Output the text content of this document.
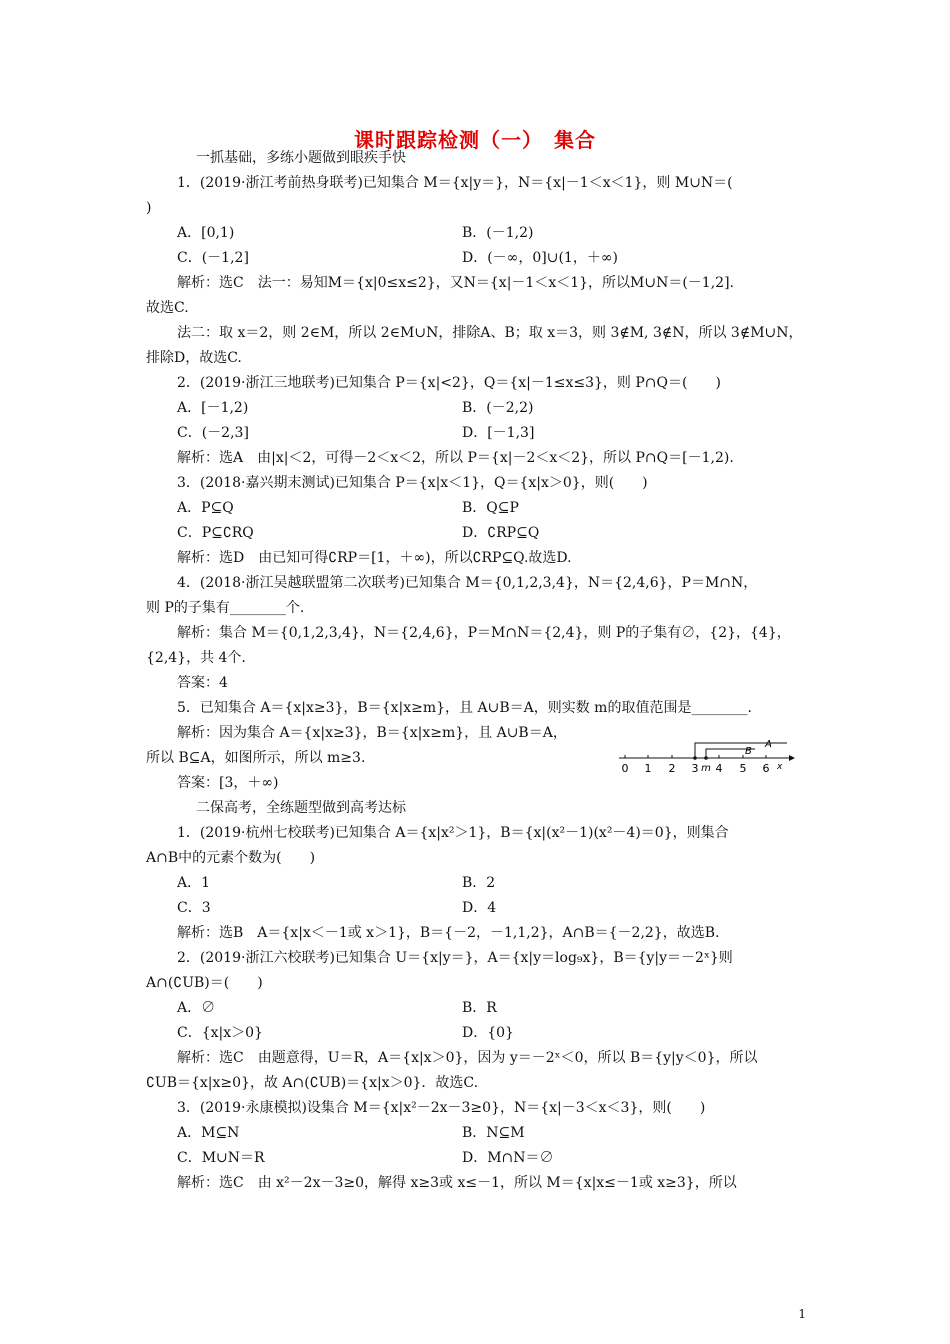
课时跟踪检测（一）　集合
一抓基础，多练小题做到眼疾手快
1．(2019·浙江考前热身联考)已知集合 M＝{x|y＝}，N＝{x|－1＜x＜1}，则 M∪N＝(
)
A．[0,1)	B．(－1,2)
C．(－1,2]	D．(－∞，0]∪(1，＋∞)
解析：选C　法一：易知M＝{x|0≤x≤2}，又N＝{x|－1＜x＜1}，所以M∪N＝(－1,2].
故选C.
法二：取 x＝2，则 2∈M，所以 2∈M∪N，排除A、B；取 x＝3，则 3∉M, 3∉N，所以 3∉M∪N，
排除D，故选C.
2．(2019·浙江三地联考)已知集合 P＝{x|<2}，Q＝{x|－1≤x≤3}，则 P∩Q＝(　　)
A．[－1,2)	B．(－2,2)
C．(－2,3]	D．[－1,3]
解析：选A　由|x|＜2，可得－2＜x＜2，所以 P＝{x|－2＜x＜2}，所以 P∩Q＝[－1,2).
3．(2018·嘉兴期末测试)已知集合 P＝{x|x＜1}，Q＝{x|x＞0}，则(　　)
A．P⊆Q	B．Q⊆P
C．P⊆∁RQ	D．∁RP⊆Q
解析：选D　由已知可得∁RP＝[1，＋∞)，所以∁RP⊆Q.故选D.
4．(2018·浙江吴越联盟第二次联考)已知集合 M＝{0,1,2,3,4}，N＝{2,4,6}，P＝M∩N，
则 P的子集有________个.
解析：集合 M＝{0,1,2,3,4}，N＝{2,4,6}，P＝M∩N＝{2,4}，则 P的子集有∅，{2}，{4}，
{2,4}，共 4个.
答案：4
5．已知集合 A＝{x|x≥3}，B＝{x|x≥m}，且 A∪B＝A，则实数 m的取值范围是________.
解析：因为集合 A＝{x|x≥3}，B＝{x|x≥m}，且 A∪B＝A，
所以 B⊆A，如图所示，所以 m≥3.
答案：[3，＋∞)
A
B
0 1 2 3 m 4 5 6 x
二保高考，全练题型做到高考达标
1．(2019·杭州七校联考)已知集合 A＝{x|x²＞1}，B＝{x|(x²－1)(x²－4)＝0}，则集合
A∩B中的元素个数为(　　)
A．1	B．2
C．3	D．4
解析：选B　A＝{x|x＜－1或 x＞1}，B＝{－2，－1,1,2}，A∩B＝{－2,2}，故选B.
2．(2019·浙江六校联考)已知集合 U＝{x|y＝}，A＝{x|y＝log₉x}，B＝{y|y＝－2ˣ}则
A∩(∁UB)＝(　　)
A．∅	B．R
C．{x|x＞0}	D．{0}
解析：选C　由题意得，U＝R，A＝{x|x＞0}，因为 y＝－2ˣ＜0，所以 B＝{y|y＜0}，所以
∁UB＝{x|x≥0}，故 A∩(∁UB)＝{x|x＞0}．故选C.
3．(2019·永康模拟)设集合 M＝{x|x²－2x－3≥0}，N＝{x|－3＜x＜3}，则(　　)
A．M⊆N	B．N⊆M
C．M∪N＝R	D．M∩N＝∅
解析：选C　由 x²－2x－3≥0，解得 x≥3或 x≤－1，所以 M＝{x|x≤－1或 x≥3}，所以
1
